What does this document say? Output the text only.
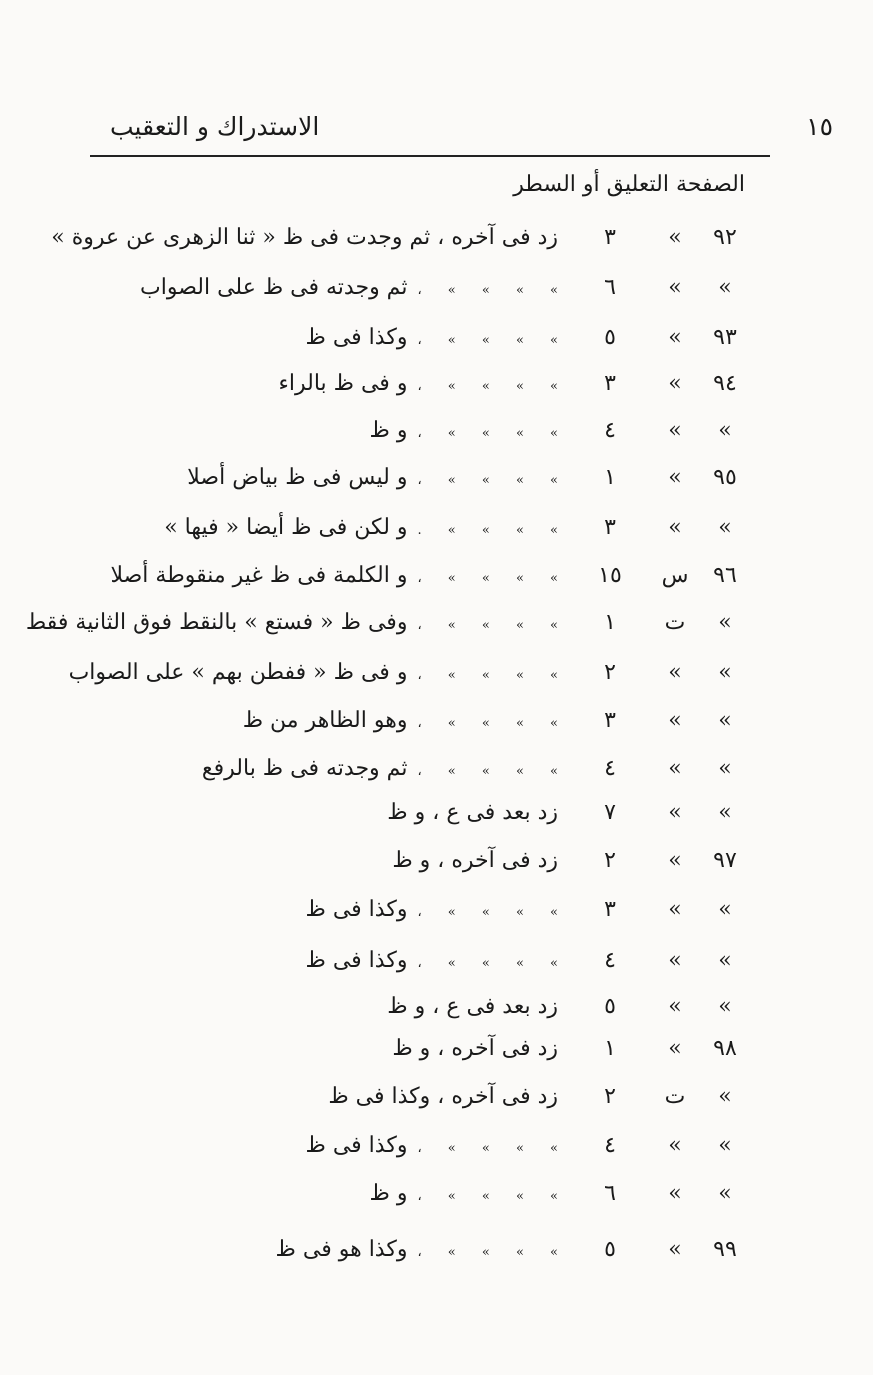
١٥
الاستدراك و التعقيب
الصفحة التعليق أو السطر
٩٢
»
٣
زد فى آخره ، ثم وجدت فى ظ « ثنا الزهرى عن عروة »
»
»
٦
» » » » ،ثم وجدته فى ظ على الصواب
٩٣
»
٥
» » » » ،وكذا فى ظ
٩٤
»
٣
» » » » ،و فى ظ بالراء
»
»
٤
» » » » ،و ظ
٩٥
»
١
» » » » ،و ليس فى ظ بياض أصلا
»
»
٣
» » » » .و لكن فى ظ أيضا « فيها »
٩٦
س
١٥
» » » » ،و الكلمة فى ظ غير منقوطة أصلا
»
ت
١
» » » » ،وفى ظ « فستع » بالنقط فوق الثانية فقط
»
»
٢
» » » » ،و فى ظ « ففطن بهم » على الصواب
»
»
٣
» » » » ،وهو الظاهر من ظ
»
»
٤
» » » » ،ثم وجدته فى ظ بالرفع
»
»
٧
زد بعد فى ع ، و ظ
٩٧
»
٢
زد فى آخره ، و ظ
»
»
٣
» » » » ،وكذا فى ظ
»
»
٤
» » » » ،وكذا فى ظ
»
»
٥
زد بعد فى ع ، و ظ
٩٨
»
١
زد فى آخره ، و ظ
»
ت
٢
زد فى آخره ، وكذا فى ظ
»
»
٤
» » » » ،وكذا فى ظ
»
»
٦
» » » » ،و ظ
٩٩
»
٥
» » » » ،وكذا هو فى ظ
